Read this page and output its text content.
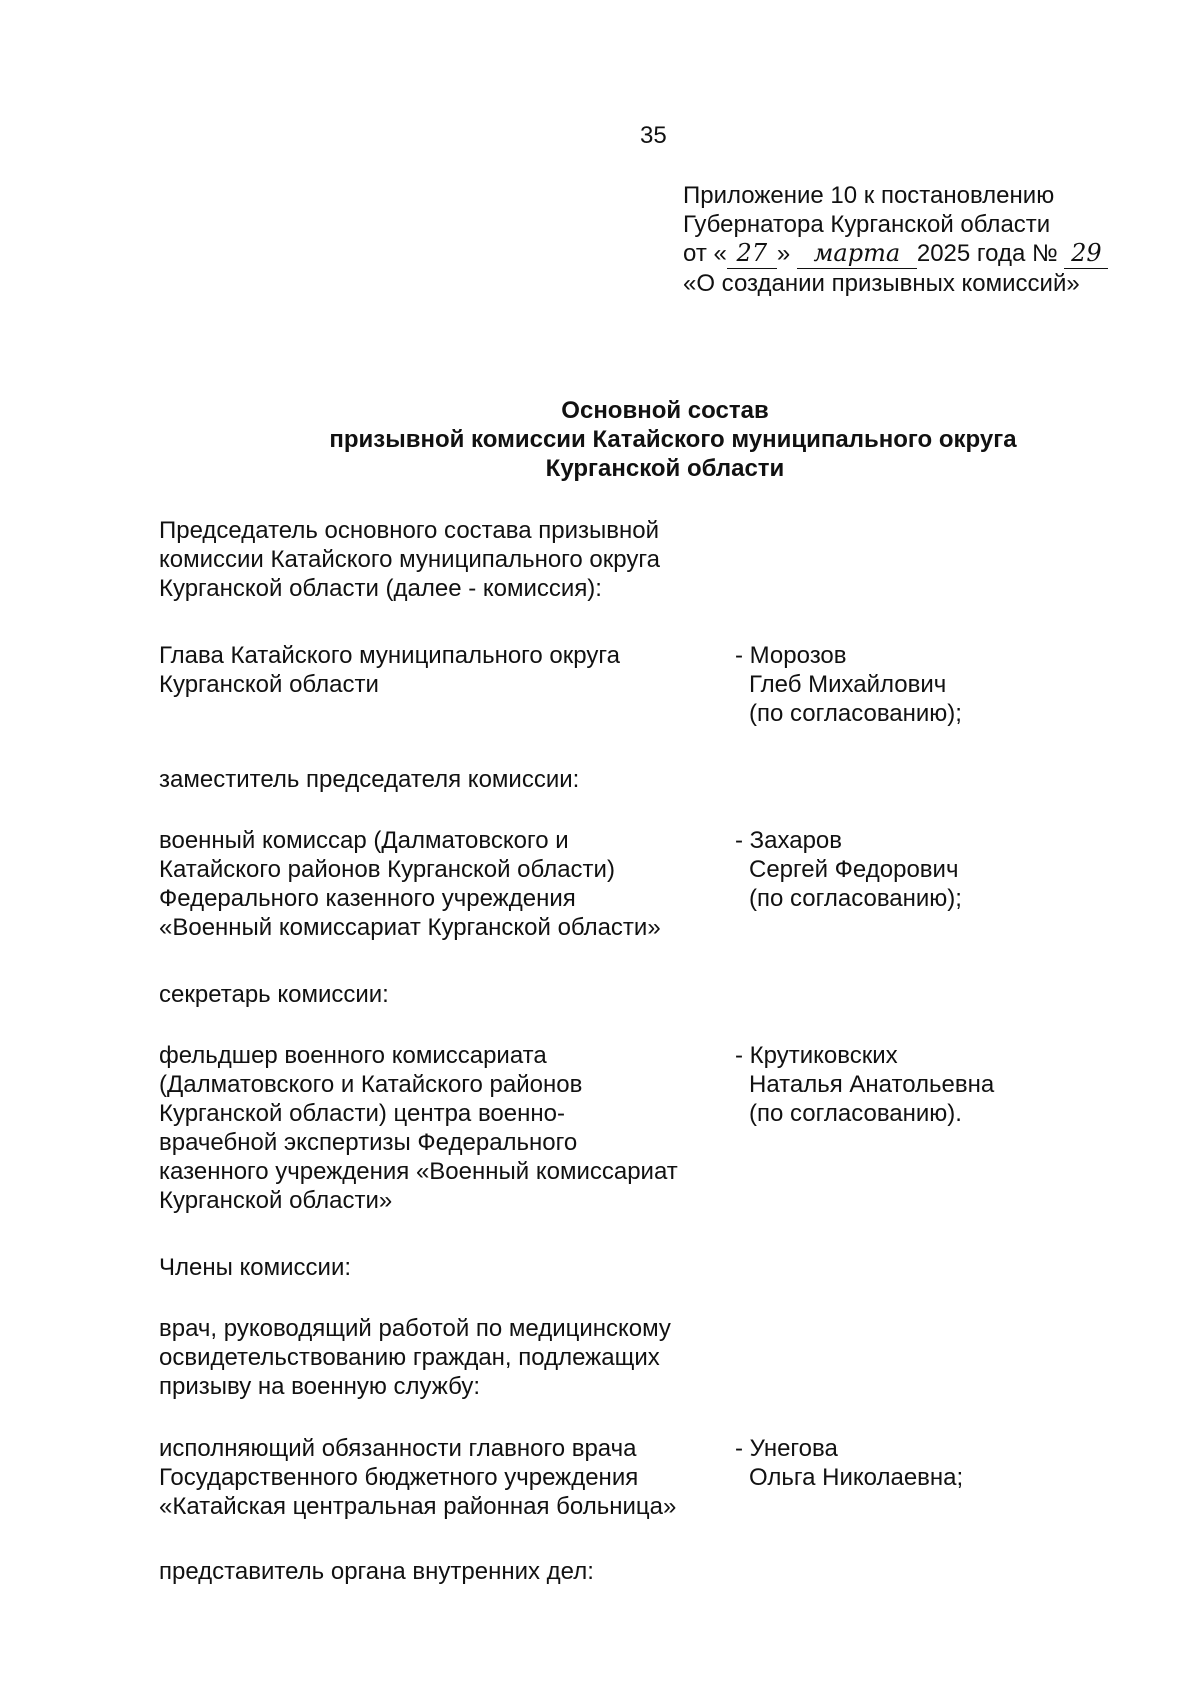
35
Приложение 10 к постановлению
Губернатора Курганской области
от « 27 » марта 2025 года № 29
«О создании призывных комиссий»
Основной состав
призывной комиссии Катайского муниципального округа
Курганской области
Председатель основного состава призывной
комиссии Катайского муниципального округа
Курганской области (далее - комиссия):
Глава Катайского муниципального округа
Курганской области
- Морозов
Глеб Михайлович
(по согласованию);
заместитель председателя комиссии:
военный комиссар (Далматовского и
Катайского районов Курганской области)
Федерального казенного учреждения
«Военный комиссариат Курганской области»
- Захаров
Сергей Федорович
(по согласованию);
секретарь комиссии:
фельдшер военного комиссариата
(Далматовского и Катайского районов
Курганской области) центра военно-
врачебной экспертизы Федерального
казенного учреждения «Военный комиссариат
Курганской области»
- Крутиковских
Наталья Анатольевна
(по согласованию).
Члены комиссии:
врач, руководящий работой по медицинскому
освидетельствованию граждан, подлежащих
призыву на военную службу:
исполняющий обязанности главного врача
Государственного бюджетного учреждения
«Катайская центральная районная больница»
- Унегова
Ольга Николаевна;
представитель органа внутренних дел:
